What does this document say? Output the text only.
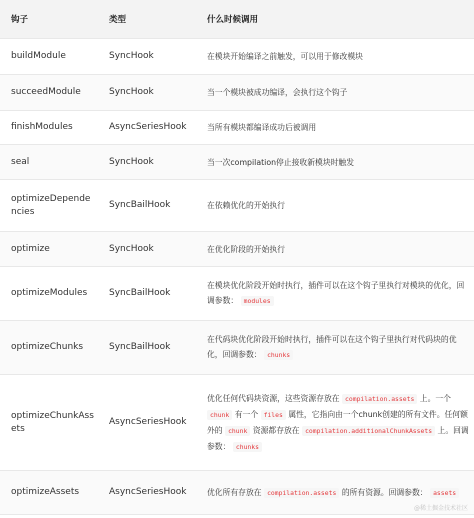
钩子	类型	什么时候调用
buildModule	SyncHook	在模块开始编译之前触发，可以用于修改模块
succeedModule	SyncHook	当一个模块被成功编译，会执行这个钩子
finishModules	AsyncSeriesHook	当所有模块都编译成功后被调用
seal	SyncHook	当一次compilation停止接收新模块时触发
optimizeDependencies	SyncBailHook	在依赖优化的开始执行
optimize	SyncHook	在优化阶段的开始执行
optimizeModules	SyncBailHook	在模块优化阶段开始时执行，插件可以在这个钩子里执行对模块的优化，回调参数： modules
optimizeChunks	SyncBailHook	在代码块优化阶段开始时执行，插件可以在这个钩子里执行对代码块的优化，回调参数： chunks
optimizeChunkAssets	AsyncSeriesHook	优化任何代码块资源，这些资源存放在 compilation.assets 上。一个 chunk 有一个 files 属性，它指向由一个chunk创建的所有文件。任何额外的 chunk 资源都存放在 compilation.additionalChunkAssets 上。回调参数： chunks
optimizeAssets	AsyncSeriesHook	优化所有存放在 compilation.assets 的所有资源。回调参数： assets
@稀土掘金技术社区
